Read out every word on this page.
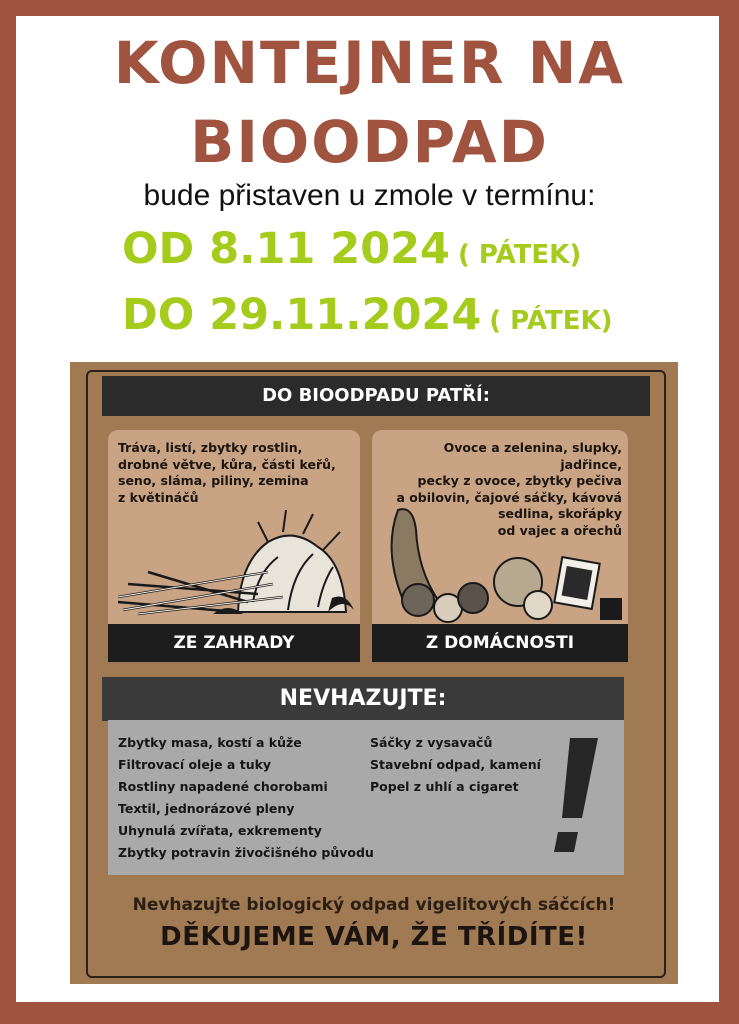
KONTEJNER NA
BIOODPAD
bude přistaven u zmole v termínu:
OD 8.11 2024 ( PÁTEK)
DO 29.11.2024 ( PÁTEK)
DO BIOODPADU PATŘÍ:
Tráva, listí, zbytky rostlin,
drobné větve, kůra, části keřů,
seno, sláma, piliny, zemina
z květináčů
ZE ZAHRADY
Ovoce a zelenina, slupky, jadřince,
pecky z ovoce, zbytky pečiva
a obilovin, čajové sáčky, kávová
sedlina, skořápky
od vajec a ořechů
Z DOMÁCNOSTI
NEVHAZUJTE:
Zbytky masa, kostí a kůže
Filtrovací oleje a tuky
Rostliny napadené chorobami
Textil, jednorázové pleny
Uhynulá zvířata, exkrementy
Zbytky potravin živočišného původu
Sáčky z vysavačů
Stavební odpad, kamení
Popel z uhlí a cigaret
Nevhazujte biologický odpad vigelitových sáčcích!
DĚKUJEME VÁM, ŽE TŘÍDÍTE!
